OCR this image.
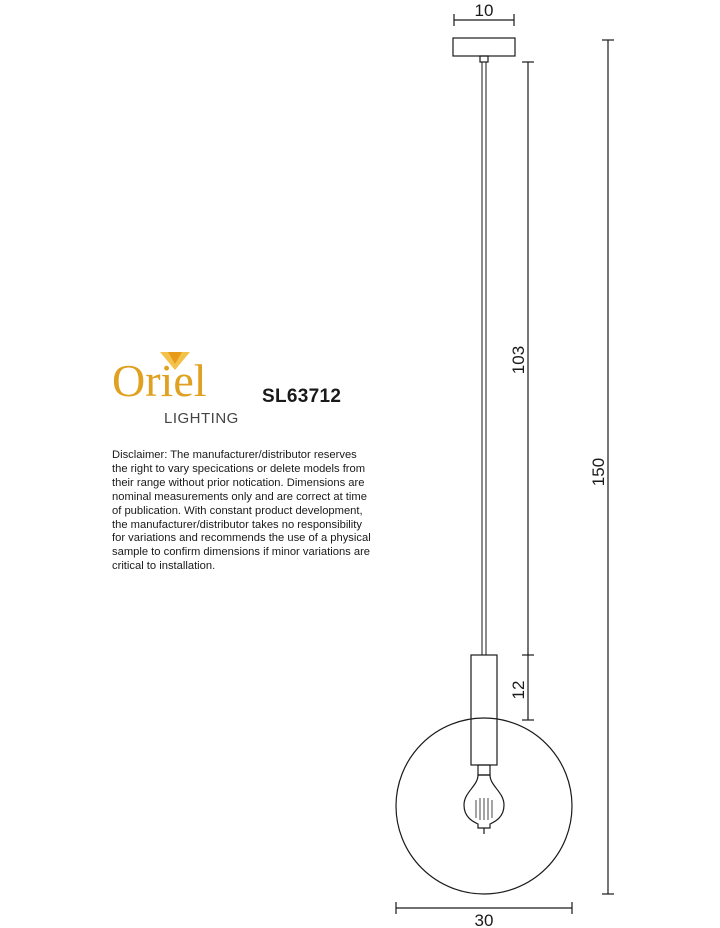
Oriel
LIGHTING
SL63712
Disclaimer: The manufacturer/distributor reserves the right to vary specications or delete models from their range without prior notication. Dimensions are nominal measurements only and are correct at time of publication. With constant product development, the manufacturer/distributor takes no responsibility for variations and recommends the use of a physical sample to confirm dimensions if minor variations are critical to installation.
10
103
12
150
30
